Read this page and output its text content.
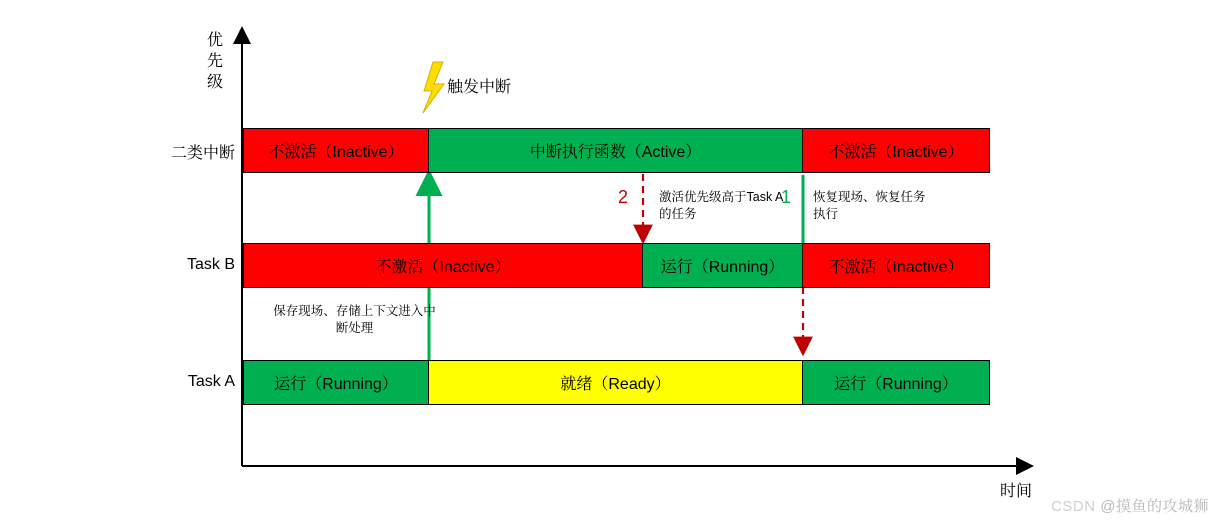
优先级
时间
二类中断
Task B
Task A
触发中断
不激活（Inactive）	中断执行函数（Active）	不激活（Inactive）
不激活（Inactive）	运行（Running）	不激活（Inactive）
运行（Running）	就绪（Ready）	运行（Running）
保存现场、存储上下文进入中断处理
2 激活优先级高于Task A的任务
1 恢复现场、恢复任务执行
CSDN @摸鱼的攻城狮
